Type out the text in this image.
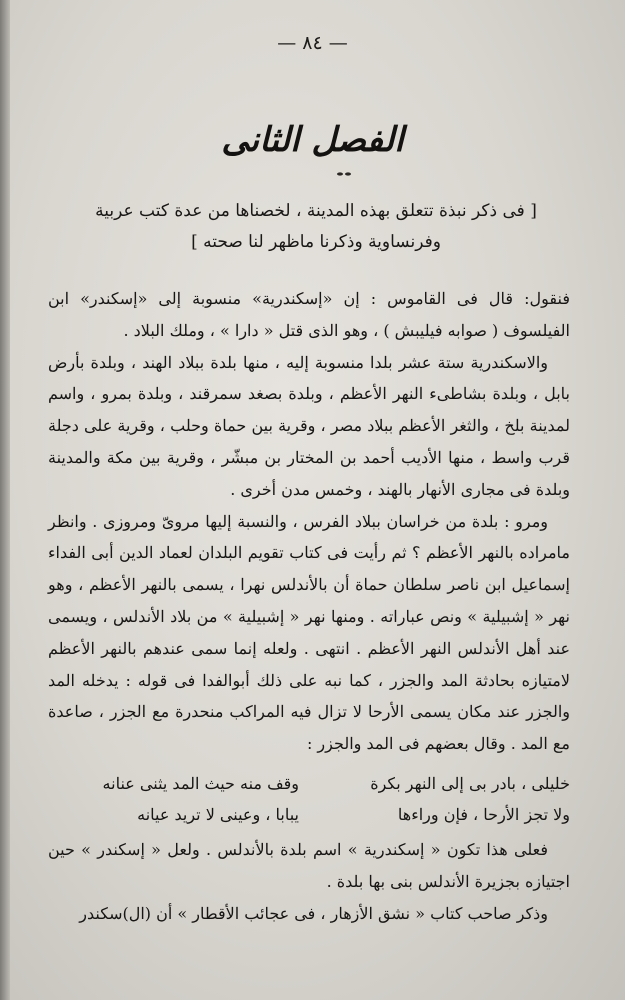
— ٨٤ —
الفصل الثانى
[ فى ذكر نبذة تتعلق بهذه المدينة ، لخصناها من عدة كتب عربية وفرنساوية وذكرنا ماظهر لنا صحته ]

فنقول: قال فى القاموس : إن «إسكندرية» منسوبة إلى «إسكندر» ابن الفيلسوف ( صوابه فيليبش ) ، وهو الذى قتل « دارا » ، وملك البلاد .

والاسكندرية ستة عشر بلدا منسوبة إليه ، منها بلدة ببلاد الهند ، وبلدة بأرض بابل ، وبلدة بشاطىء النهر الأعظم ، وبلدة بصغد سمرقند ، وبلدة بمرو ، واسم لمدينة بلخ ، والثغر الأعظم ببلاد مصر ، وقرية بين حماة وحلب ، وقرية على دجلة قرب واسط ، منها الأديب أحمد بن المختار بن مبشّر ، وقرية بين مكة والمدينة وبلدة فى مجارى الأنهار بالهند ، وخمس مدن أخرى .

ومرو : بلدة من خراسان ببلاد الفرس ، والنسبة إليها مروىّ ومروزى . وانظر مامراده بالنهر الأعظم ؟ ثم رأيت فى كتاب تقويم البلدان لعماد الدين أبى الفداء إسماعيل ابن ناصر سلطان حماة أن بالأندلس نهرا ، يسمى بالنهر الأعظم ، وهو نهر « إشبيلية » ونص عباراته . ومنها نهر « إشبيلية » من بلاد الأندلس ، ويسمى عند أهل الأندلس النهر الأعظم . انتهى . ولعله إنما سمى عندهم بالنهر الأعظم لامتيازه بحادثة المد والجزر ، كما نبه على ذلك أبوالفدا فى قوله : يدخله المد والجزر عند مكان يسمى الأرحا لا تزال فيه المراكب منحدرة مع الجزر ، صاعدة مع المد . وقال بعضهم فى المد والجزر :

خليلى ، بادر بى إلى النهر بكرة
وقف منه حيث المد يثنى عنانه
ولا تجز الأرحا ، فإن وراءها
يبابا ، وعينى لا تريد عيانه

فعلى هذا تكون « إسكندرية » اسم بلدة بالأندلس . ولعل « إسكندر » حين اجتيازه بجزيرة الأندلس بنى بها بلدة .

وذكر صاحب كتاب « نشق الأزهار ، فى عجائب الأقطار » أن (ال)سكندر
